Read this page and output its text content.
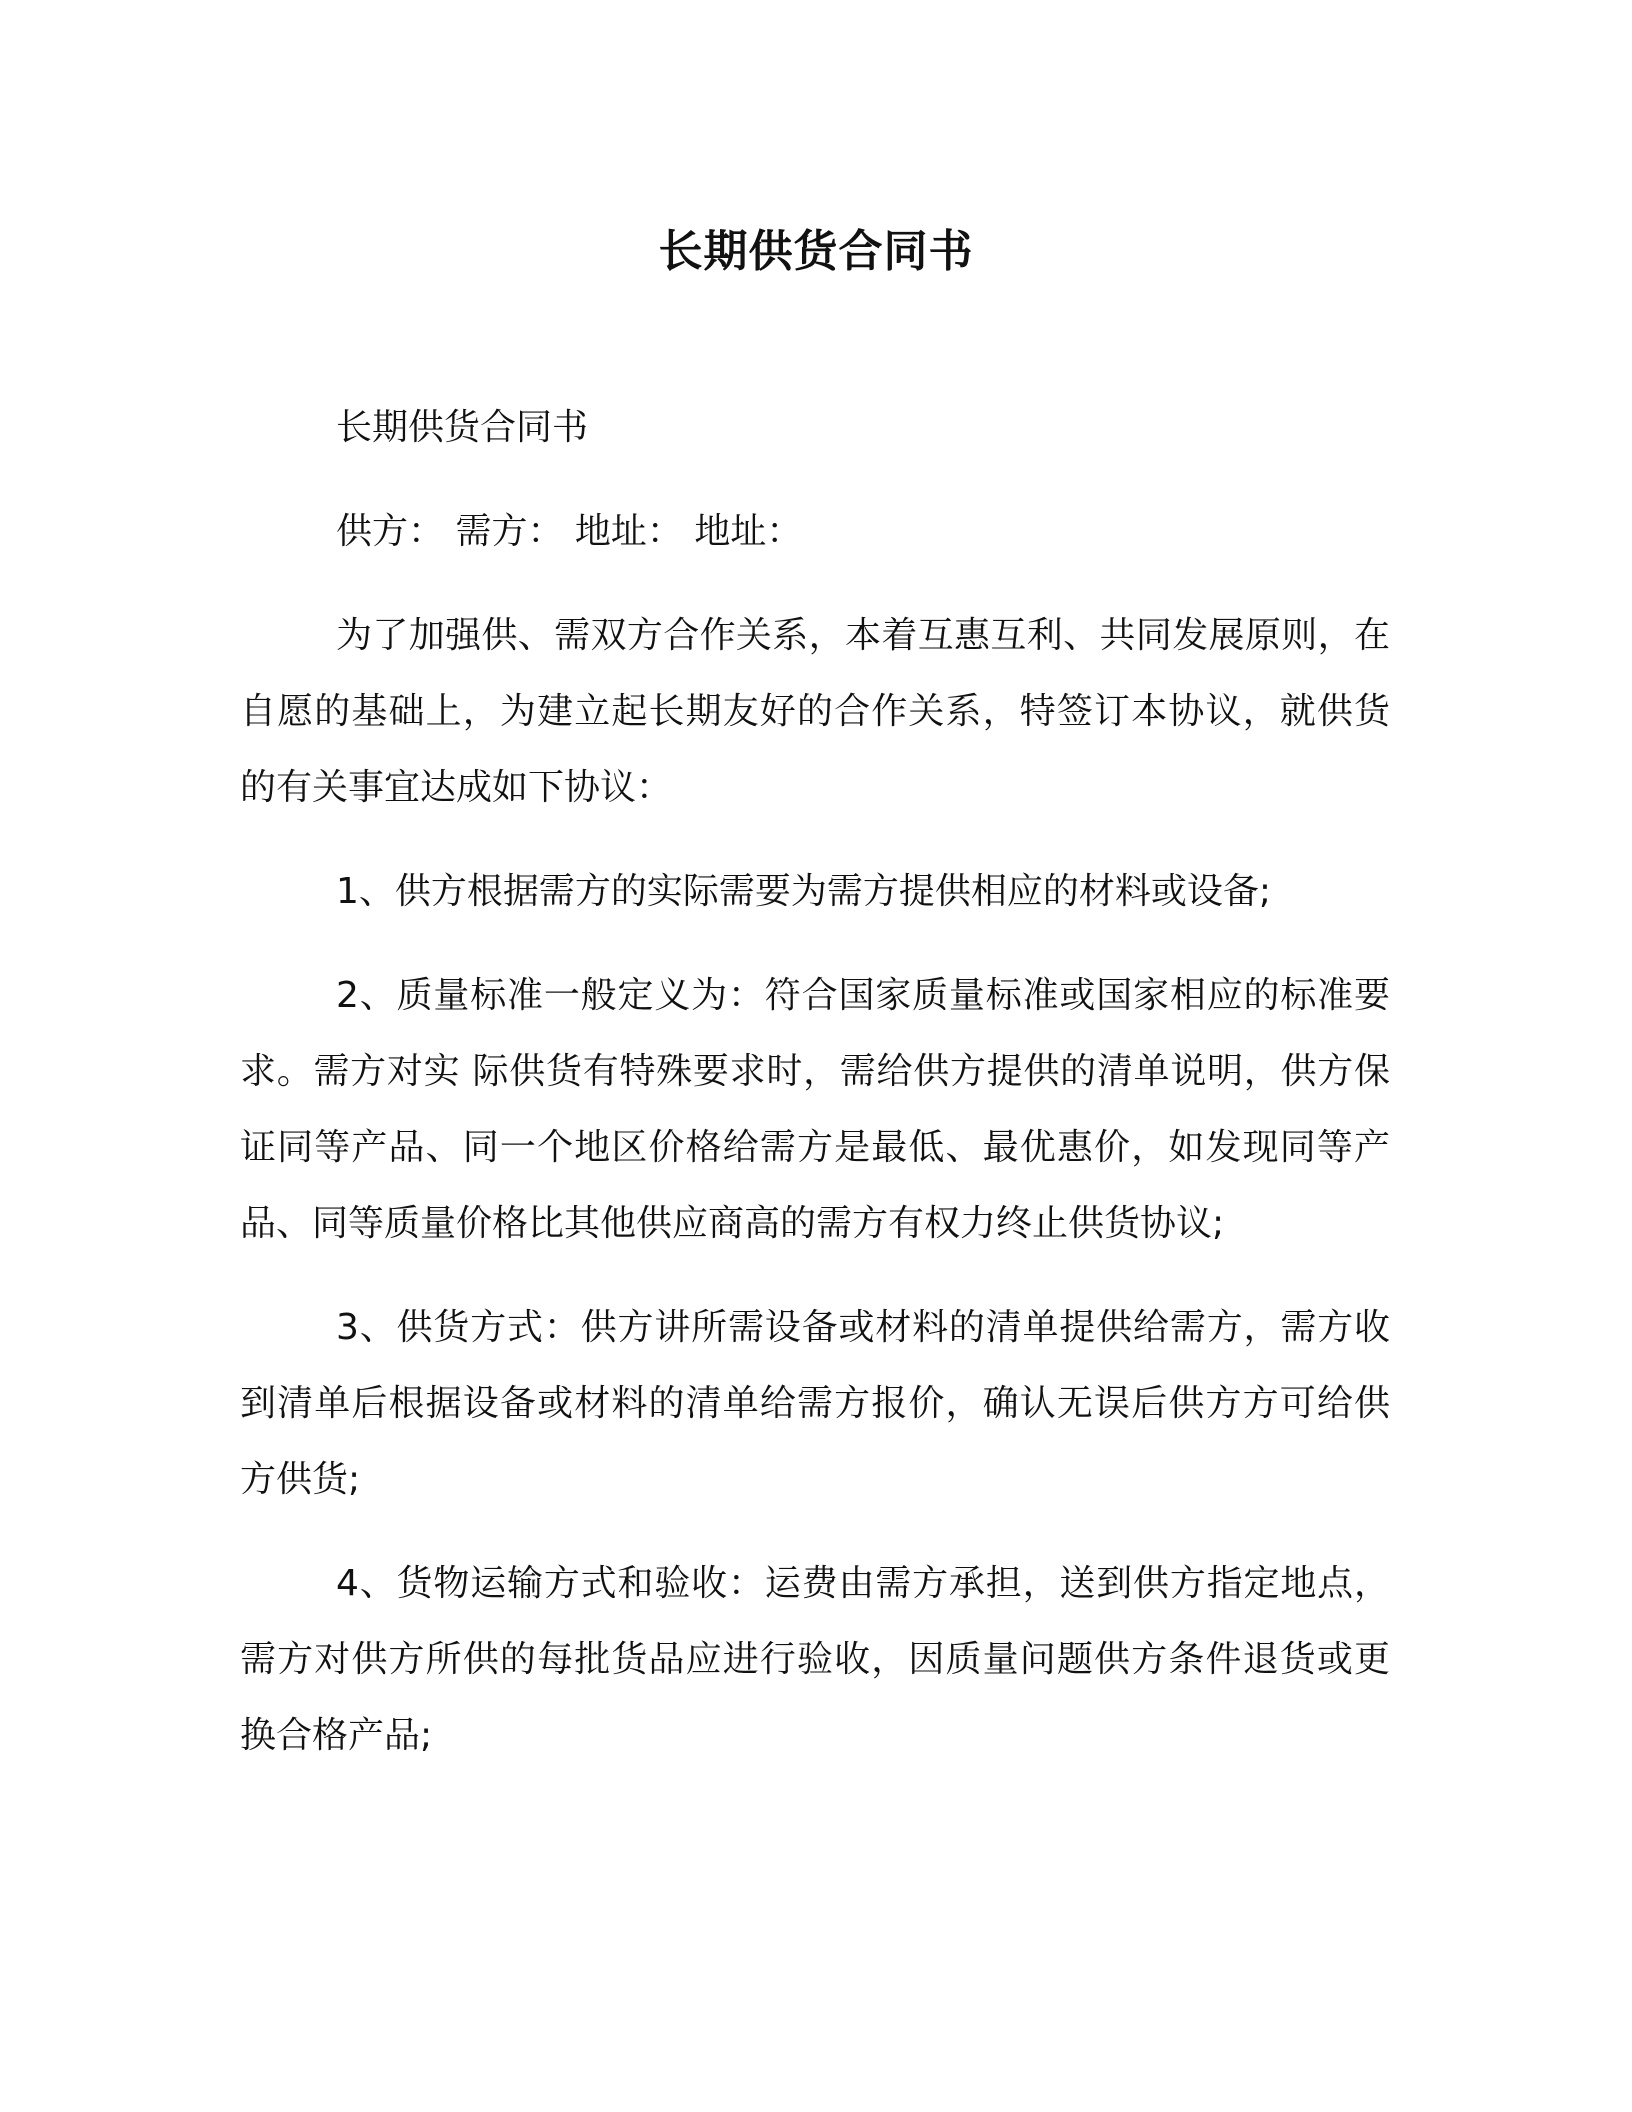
长期供货合同书

长期供货合同书

供方： 需方： 地址： 地址：

为了加强供、需双方合作关系，本着互惠互利、共同发展原则，在自愿的基础上，为建立起长期友好的合作关系，特签订本协议，就供货的有关事宜达成如下协议：

1、供方根据需方的实际需要为需方提供相应的材料或设备;

2、质量标准一般定义为：符合国家质量标准或国家相应的标准要求。需方对实 际供货有特殊要求时，需给供方提供的清单说明，供方保证同等产品、同一个地区价格给需方是最低、最优惠价，如发现同等产品、同等质量价格比其他供应商高的需方有权力终止供货协议;

3、供货方式：供方讲所需设备或材料的清单提供给需方，需方收到清单后根据设备或材料的清单给需方报价，确认无误后供方方可给供方供货;

4、货物运输方式和验收：运费由需方承担，送到供方指定地点，需方对供方所供的每批货品应进行验收，因质量问题供方条件退货或更换合格产品;
